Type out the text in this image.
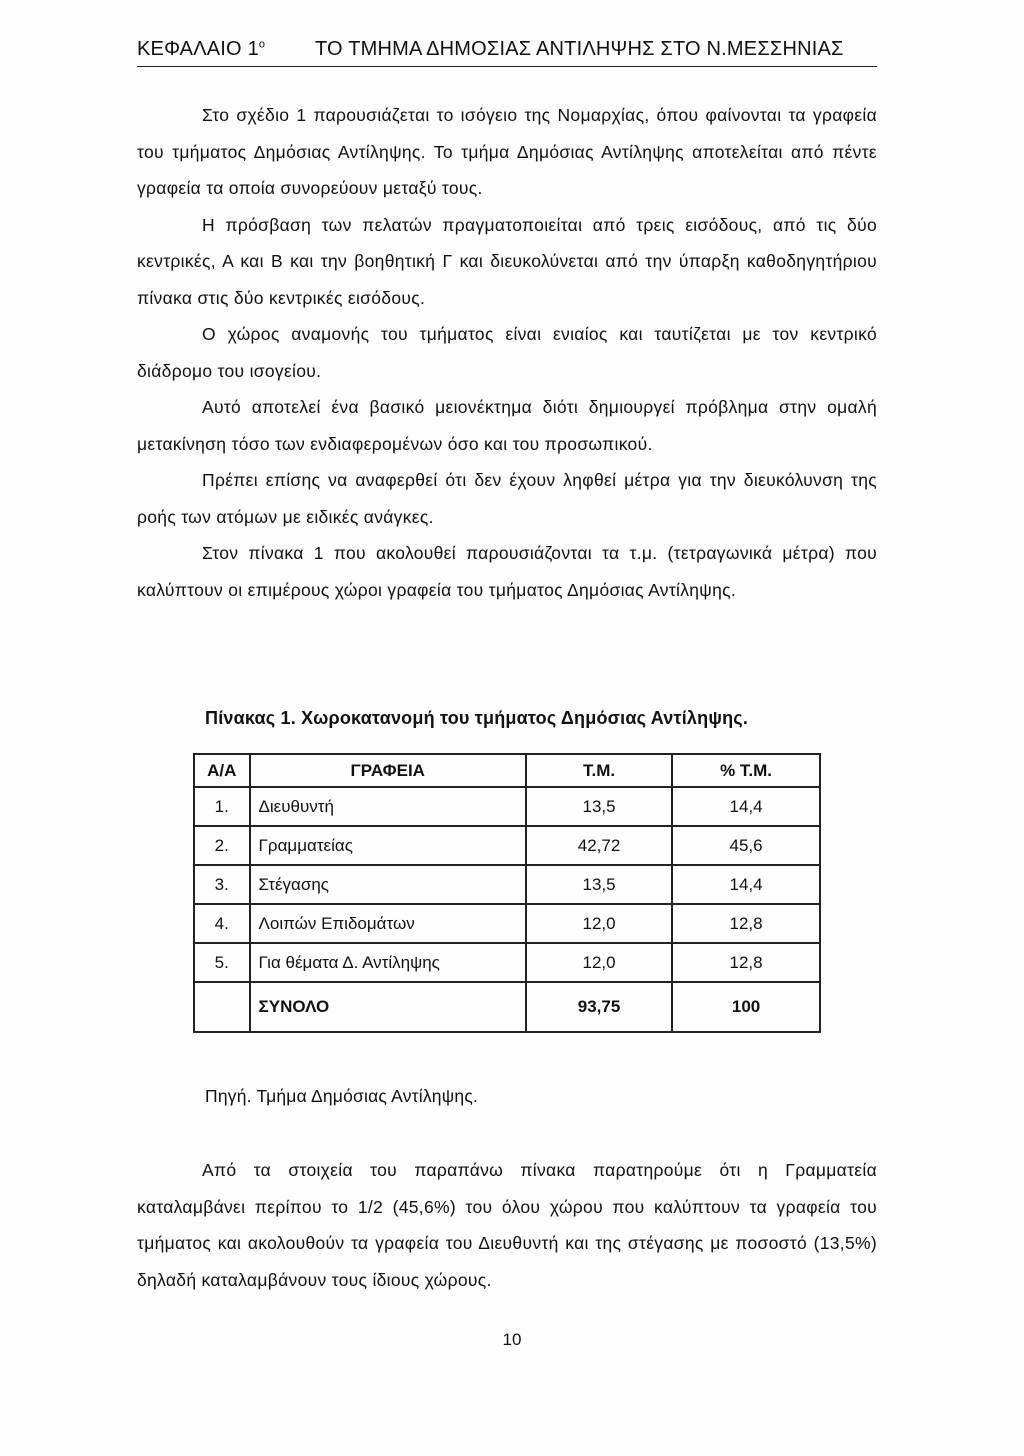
ΚΕΦΑΛΑΙΟ $1^o$ ΤΟ ΤΜΗΜΑ ΔΗΜΟΣΙΑΣ ΑΝΤΙΛΗΨΗΣ ΣΤΟ Ν.ΜΕΣΣΗΝΙΑΣ

Στο σχέδιο 1 παρουσιάζεται το ισόγειο της Νομαρχίας, όπου φαίνονται τα γραφεία του τμήματος Δημόσιας Αντίληψης. Το τμήμα Δημόσιας Αντίληψης αποτελείται από πέντε γραφεία τα οποία συνορεύουν μεταξύ τους.

Η πρόσβαση των πελατών πραγματοποιείται από τρεις εισόδους, από τις δύο κεντρικές, Α και Β και την βοηθητική Γ και διευκολύνεται από την ύπαρξη καθοδηγητήριου πίνακα στις δύο κεντρικές εισόδους.

Ο χώρος αναμονής του τμήματος είναι ενιαίος και ταυτίζεται με τον κεντρικό διάδρομο του ισογείου.

Αυτό αποτελεί ένα βασικό μειονέκτημα διότι δημιουργεί πρόβλημα στην ομαλή μετακίνηση τόσο των ενδιαφερομένων όσο και του προσωπικού.

Πρέπει επίσης να αναφερθεί ότι δεν έχουν ληφθεί μέτρα για την διευκόλυνση της ροής των ατόμων με ειδικές ανάγκες.

Στον πίνακα 1 που ακολουθεί παρουσιάζονται τα τ.μ. (τετραγωνικά μέτρα) που καλύπτουν οι επιμέρους χώροι γραφεία του τμήματος Δημόσιας Αντίληψης.

Πίνακας 1. Χωροκατανομή του τμήματος Δημόσιας Αντίληψης.
Α/Α	ΓΡΑΦΕΙΑ	Τ.Μ.	% Τ.Μ.
1.	Διευθυντή	13,5	14,4
2.	Γραμματείας	42,72	45,6
3.	Στέγασης	13,5	14,4
4.	Λοιπών Επιδομάτων	12,0	12,8
5.	Για θέματα Δ. Αντίληψης	12,0	12,8
	ΣΥΝΟΛΟ	93,75	100
Πηγή. Τμήμα Δημόσιας Αντίληψης.

Από τα στοιχεία του παραπάνω πίνακα παρατηρούμε ότι η Γραμματεία καταλαμβάνει περίπου το 1/2 (45,6%) του όλου χώρου που καλύπτουν τα γραφεία του τμήματος και ακολουθούν τα γραφεία του Διευθυντή και της στέγασης με ποσοστό (13,5%) δηλαδή καταλαμβάνουν τους ίδιους χώρους.

10
